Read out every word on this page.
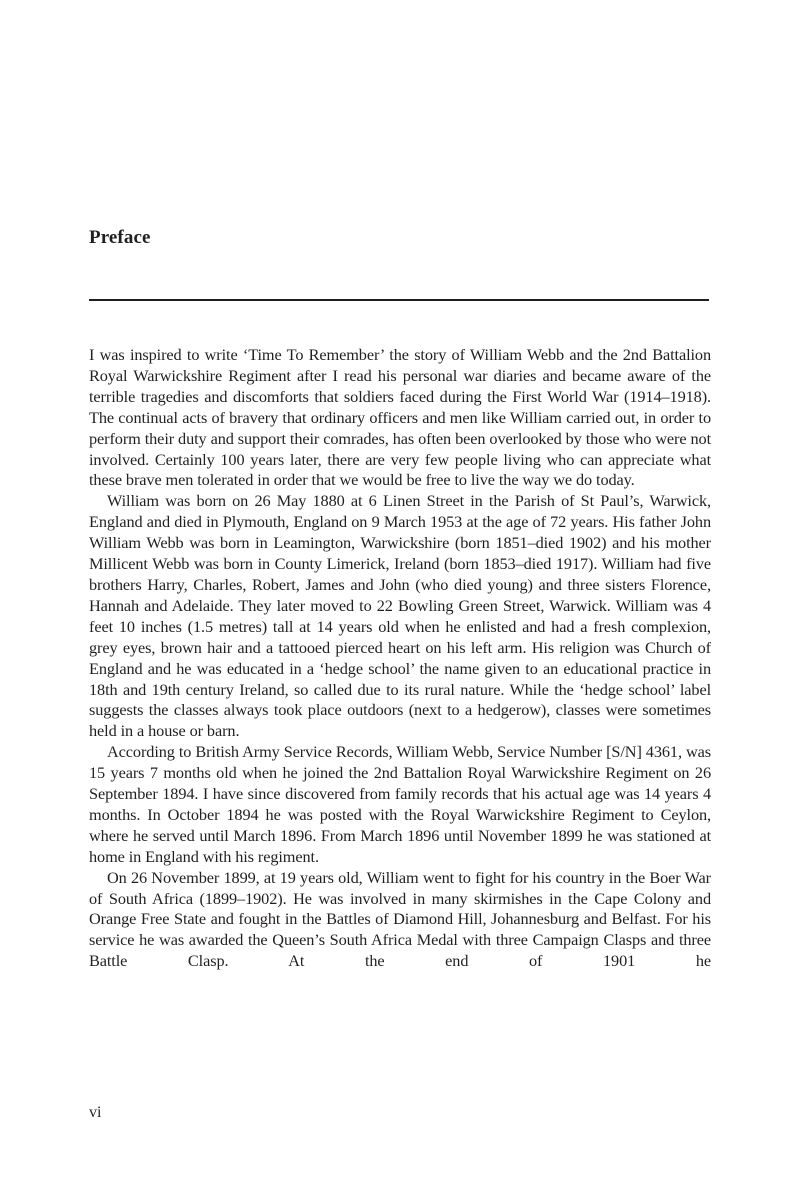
Preface

I was inspired to write ‘Time To Remember’ the story of William Webb and the 2nd Battalion Royal Warwickshire Regiment after I read his personal war diaries and became aware of the terrible tragedies and discomforts that soldiers faced during the First World War (1914–1918). The continual acts of bravery that ordinary officers and men like William carried out, in order to perform their duty and support their comrades, has often been overlooked by those who were not involved. Certainly 100 years later, there are very few people living who can appreciate what these brave men tolerated in order that we would be free to live the way we do today.

William was born on 26 May 1880 at 6 Linen Street in the Parish of St Paul’s, Warwick, England and died in Plymouth, England on 9 March 1953 at the age of 72 years. His father John William Webb was born in Leamington, Warwickshire (born 1851–died 1902) and his mother Millicent Webb was born in County Limerick, Ireland (born 1853–died 1917). William had five brothers Harry, Charles, Robert, James and John (who died young) and three sisters Florence, Hannah and Adelaide. They later moved to 22 Bowling Green Street, Warwick. William was 4 feet 10 inches (1.5 metres) tall at 14 years old when he enlisted and had a fresh complexion, grey eyes, brown hair and a tattooed pierced heart on his left arm. His religion was Church of England and he was educated in a ‘hedge school’ the name given to an educational practice in 18th and 19th century Ireland, so called due to its rural nature. While the ‘hedge school’ label suggests the classes always took place outdoors (next to a hedgerow), classes were sometimes held in a house or barn.

According to British Army Service Records, William Webb, Service Number [S/N] 4361, was 15 years 7 months old when he joined the 2nd Battalion Royal Warwickshire Regiment on 26 September 1894. I have since discovered from family records that his actual age was 14 years 4 months. In October 1894 he was posted with the Royal Warwickshire Regiment to Ceylon, where he served until March 1896. From March 1896 until November 1899 he was stationed at home in England with his regiment.

On 26 November 1899, at 19 years old, William went to fight for his country in the Boer War of South Africa (1899–1902). He was involved in many skirmishes in the Cape Colony and Orange Free State and fought in the Battles of Diamond Hill, Johannesburg and Belfast. For his service he was awarded the Queen’s South Africa Medal with three Campaign Clasps and three Battle Clasp. At the end of 1901 he

vi
